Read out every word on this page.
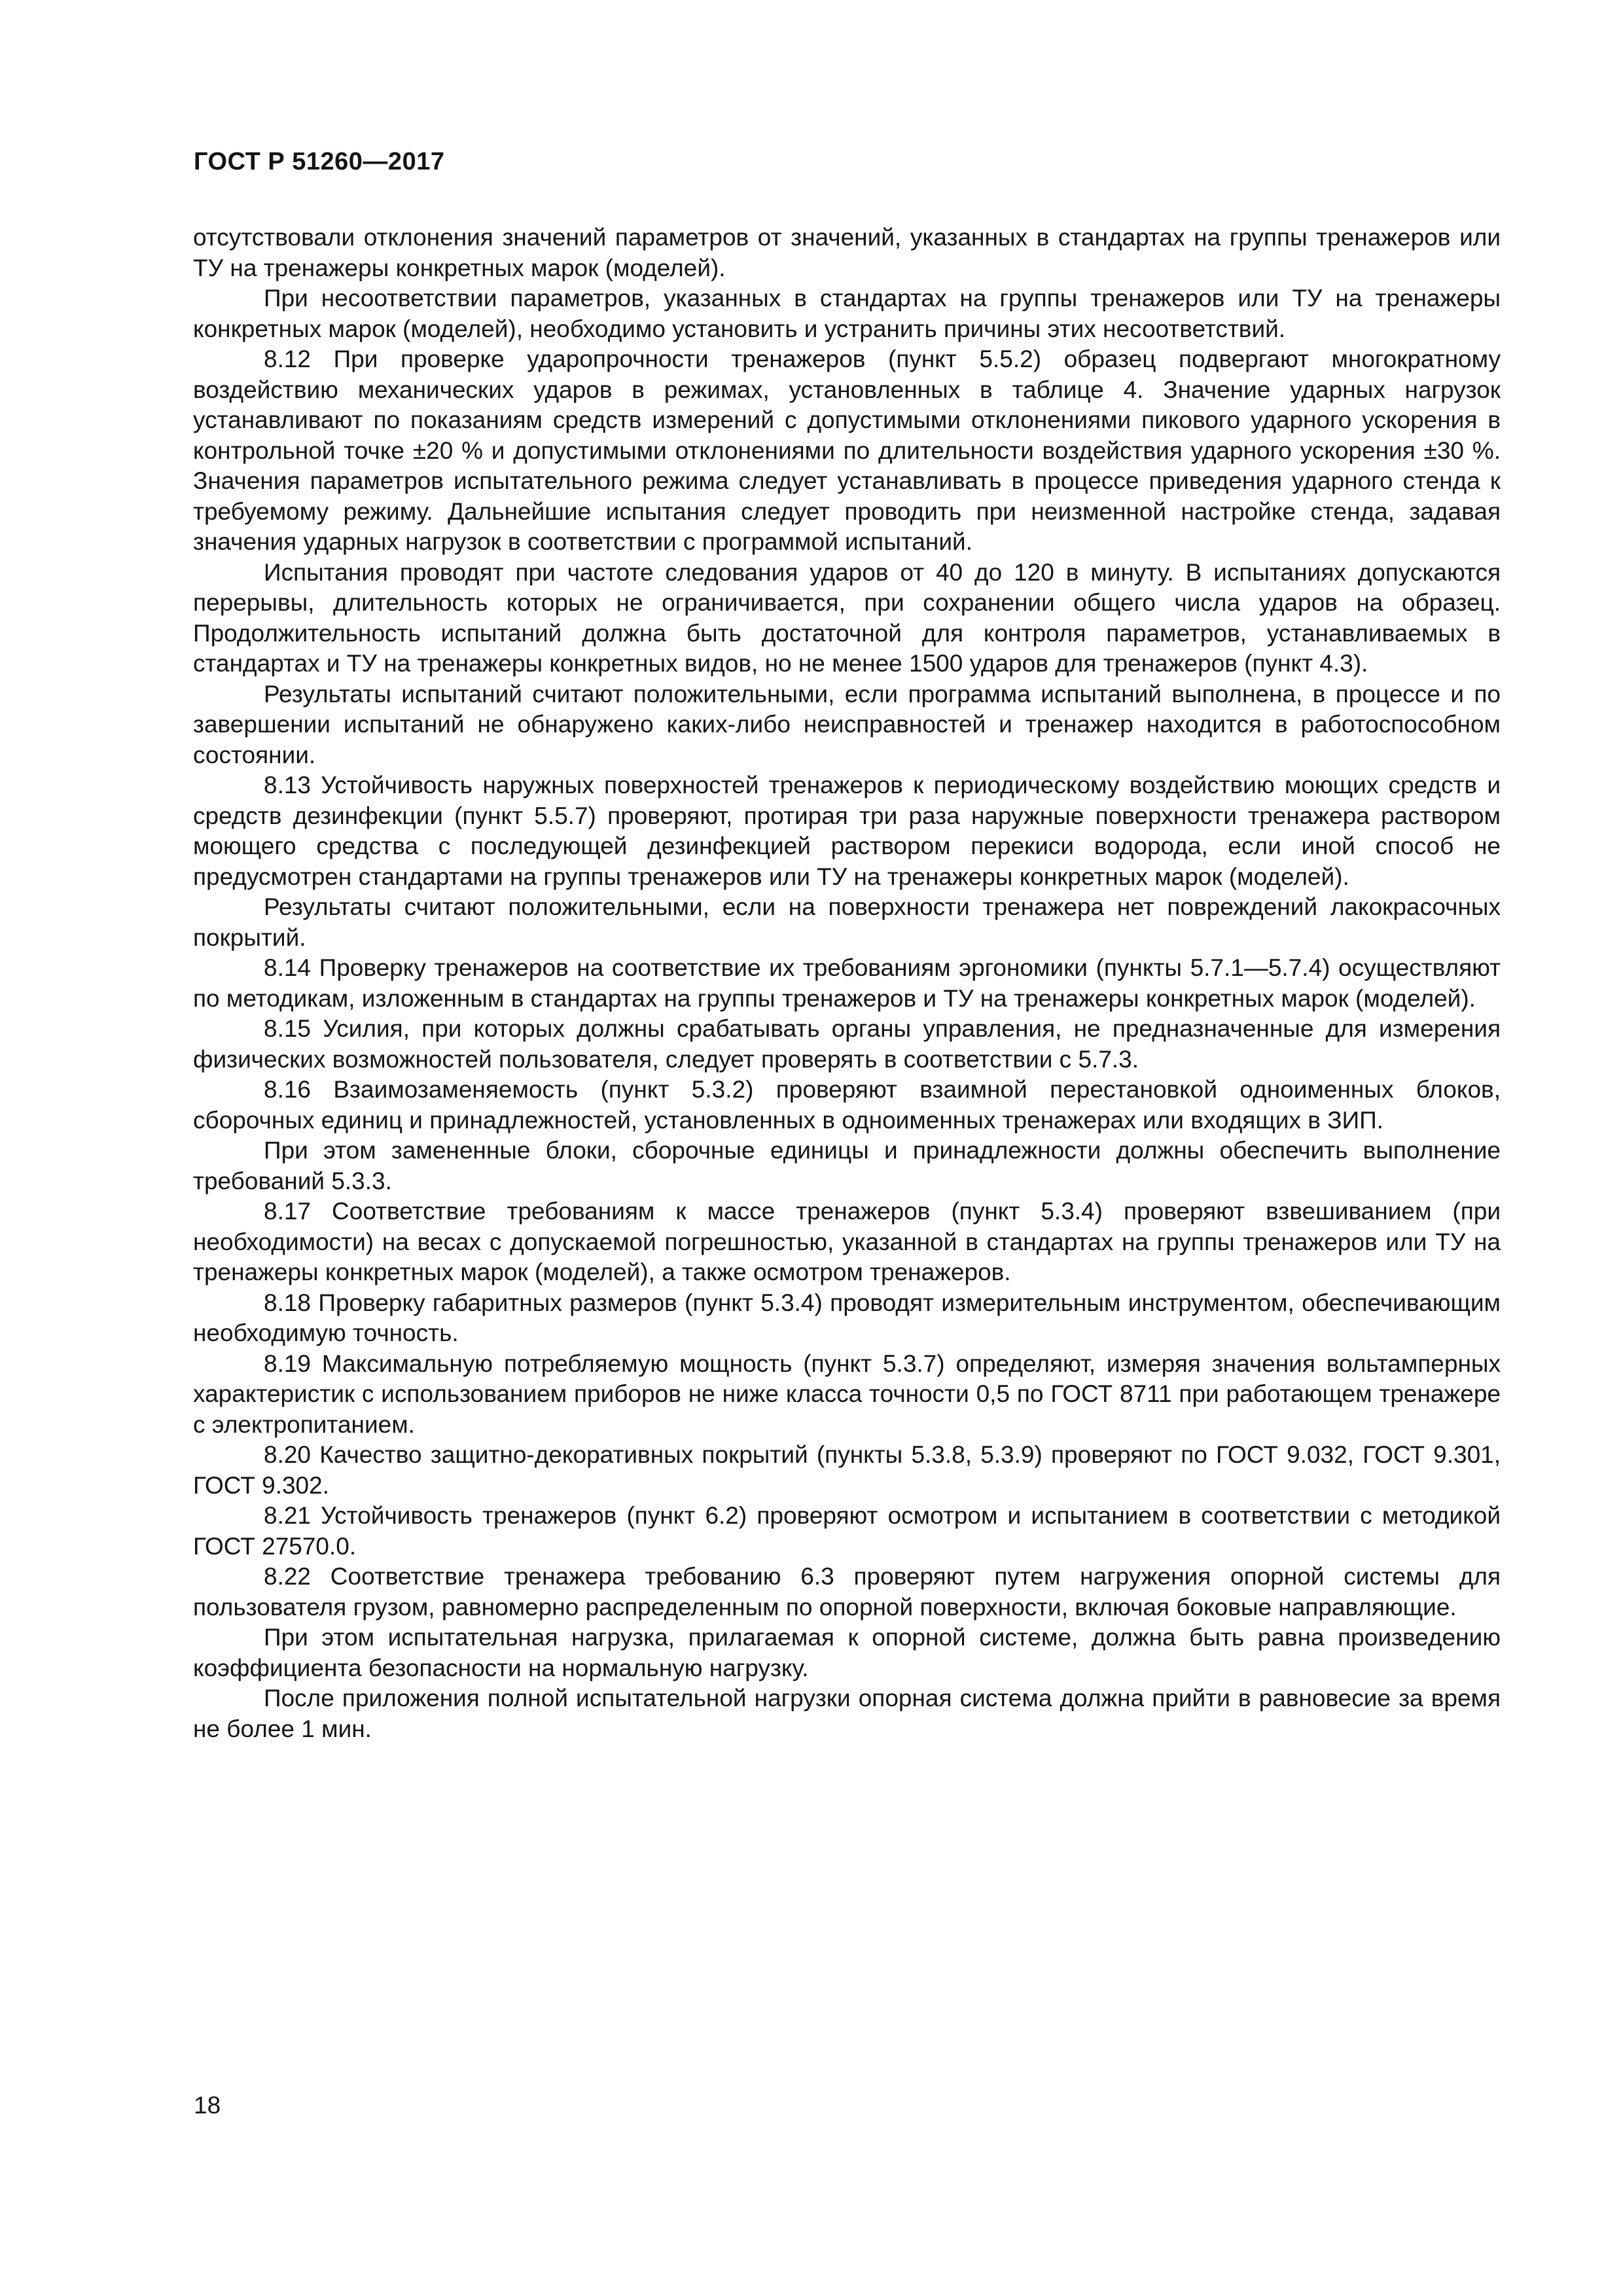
ГОСТ Р 51260—2017

отсутствовали отклонения значений параметров от значений, указанных в стандартах на группы тренажеров или ТУ на тренажеры конкретных марок (моделей).

При несоответствии параметров, указанных в стандартах на группы тренажеров или ТУ на тренажеры конкретных марок (моделей), необходимо установить и устранить причины этих несоответствий.

8.12 При проверке ударопрочности тренажеров (пункт 5.5.2) образец подвергают многократному воздействию механических ударов в режимах, установленных в таблице 4. Значение ударных нагрузок устанавливают по показаниям средств измерений с допустимыми отклонениями пикового ударного ускорения в контрольной точке ±20 % и допустимыми отклонениями по длительности воздействия ударного ускорения ±30 %. Значения параметров испытательного режима следует устанавливать в процессе приведения ударного стенда к требуемому режиму. Дальнейшие испытания следует проводить при неизменной настройке стенда, задавая значения ударных нагрузок в соответствии с программой испытаний.

Испытания проводят при частоте следования ударов от 40 до 120 в минуту. В испытаниях допускаются перерывы, длительность которых не ограничивается, при сохранении общего числа ударов на образец. Продолжительность испытаний должна быть достаточной для контроля параметров, устанавливаемых в стандартах и ТУ на тренажеры конкретных видов, но не менее 1500 ударов для тренажеров (пункт 4.3).

Результаты испытаний считают положительными, если программа испытаний выполнена, в процессе и по завершении испытаний не обнаружено каких-либо неисправностей и тренажер находится в работоспособном состоянии.

8.13 Устойчивость наружных поверхностей тренажеров к периодическому воздействию моющих средств и средств дезинфекции (пункт 5.5.7) проверяют, протирая три раза наружные поверхности тренажера раствором моющего средства с последующей дезинфекцией раствором перекиси водорода, если иной способ не предусмотрен стандартами на группы тренажеров или ТУ на тренажеры конкретных марок (моделей).

Результаты считают положительными, если на поверхности тренажера нет повреждений лакокрасочных покрытий.

8.14 Проверку тренажеров на соответствие их требованиям эргономики (пункты 5.7.1—5.7.4) осуществляют по методикам, изложенным в стандартах на группы тренажеров и ТУ на тренажеры конкретных марок (моделей).

8.15 Усилия, при которых должны срабатывать органы управления, не предназначенные для измерения физических возможностей пользователя, следует проверять в соответствии с 5.7.3.

8.16 Взаимозаменяемость (пункт 5.3.2) проверяют взаимной перестановкой одноименных блоков, сборочных единиц и принадлежностей, установленных в одноименных тренажерах или входящих в ЗИП.

При этом замененные блоки, сборочные единицы и принадлежности должны обеспечить выполнение требований 5.3.3.

8.17 Соответствие требованиям к массе тренажеров (пункт 5.3.4) проверяют взвешиванием (при необходимости) на весах с допускаемой погрешностью, указанной в стандартах на группы тренажеров или ТУ на тренажеры конкретных марок (моделей), а также осмотром тренажеров.

8.18 Проверку габаритных размеров (пункт 5.3.4) проводят измерительным инструментом, обеспечивающим необходимую точность.

8.19 Максимальную потребляемую мощность (пункт 5.3.7) определяют, измеряя значения вольтамперных характеристик с использованием приборов не ниже класса точности 0,5 по ГОСТ 8711 при работающем тренажере с электропитанием.

8.20 Качество защитно-декоративных покрытий (пункты 5.3.8, 5.3.9) проверяют по ГОСТ 9.032, ГОСТ 9.301, ГОСТ 9.302.

8.21 Устойчивость тренажеров (пункт 6.2) проверяют осмотром и испытанием в соответствии с методикой ГОСТ 27570.0.

8.22 Соответствие тренажера требованию 6.3 проверяют путем нагружения опорной системы для пользователя грузом, равномерно распределенным по опорной поверхности, включая боковые направляющие.

При этом испытательная нагрузка, прилагаемая к опорной системе, должна быть равна произведению коэффициента безопасности на нормальную нагрузку.

После приложения полной испытательной нагрузки опорная система должна прийти в равновесие за время не более 1 мин.

18
